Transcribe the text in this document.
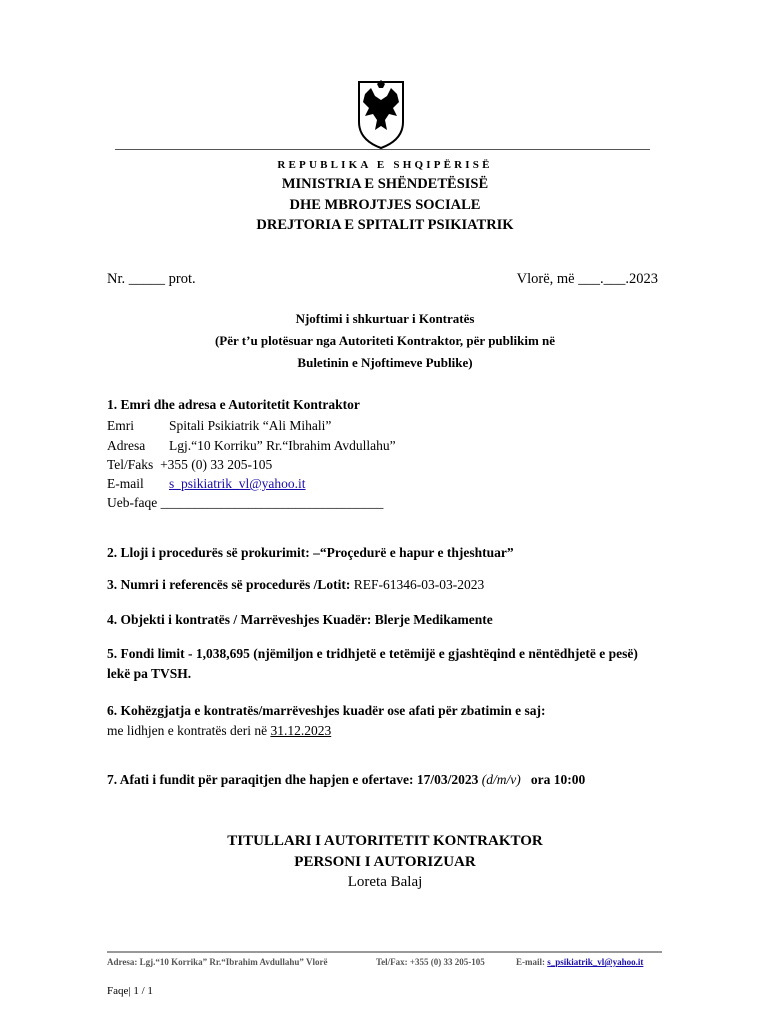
REPUBLIKA E SHQIPËRISË
MINISTRIA E SHËNDETËSISË
DHE MBROJTJES SOCIALE
DREJTORIA E SPITALIT PSIKIATRIK
Nr. _____ prot.	Vlorë, më ___.___.2023
Njoftimi i shkurtuar i Kontratës
(Për t’u plotësuar nga Autoriteti Kontraktor, për publikim në
Buletinin e Njoftimeve Publike)
1. Emri dhe adresa e Autoritetit Kontraktor
Emri	Spitali Psikiatrik “Ali Mihali”
Adresa Lgj.“10 Korriku” Rr.“Ibrahim Avdullahu”
Tel/Faks +355 (0) 33 205-105
E-mail s_psikiatrik_vl@yahoo.it
Ueb-faqe _________________________________
2. Lloji i procedurës së prokurimit: –“Proçedurë e hapur e thjeshtuar”
3. Numri i referencës së procedurës /Lotit: REF-61346-03-03-2023
4. Objekti i kontratës / Marrëveshjes Kuadër: Blerje Medikamente
5. Fondi limit - 1,038,695 (njëmiljon e tridhjetë e tetëmijë e gjashtëqind e nëntëdhjetë e pesë)
lekë pa TVSH.
6. Kohëzgjatja e kontratës/marrëveshjes kuadër ose afati për zbatimin e saj:
me lidhjen e kontratës deri në 31.12.2023
7. Afati i fundit për paraqitjen dhe hapjen e ofertave: 17/03/2023 (d/m/v)   ora 10:00
TITULLARI I AUTORITETIT KONTRAKTOR
PERSONI I AUTORIZUAR
Loreta Balaj
Adresa: Lgj.“10 Korrika” Rr.“Ibrahim Avdullahu” Vlorë	Tel/Fax: +355 (0) 33 205-105	E-mail: s_psikiatrik_vl@yahoo.it
Faqe| 1 / 1
